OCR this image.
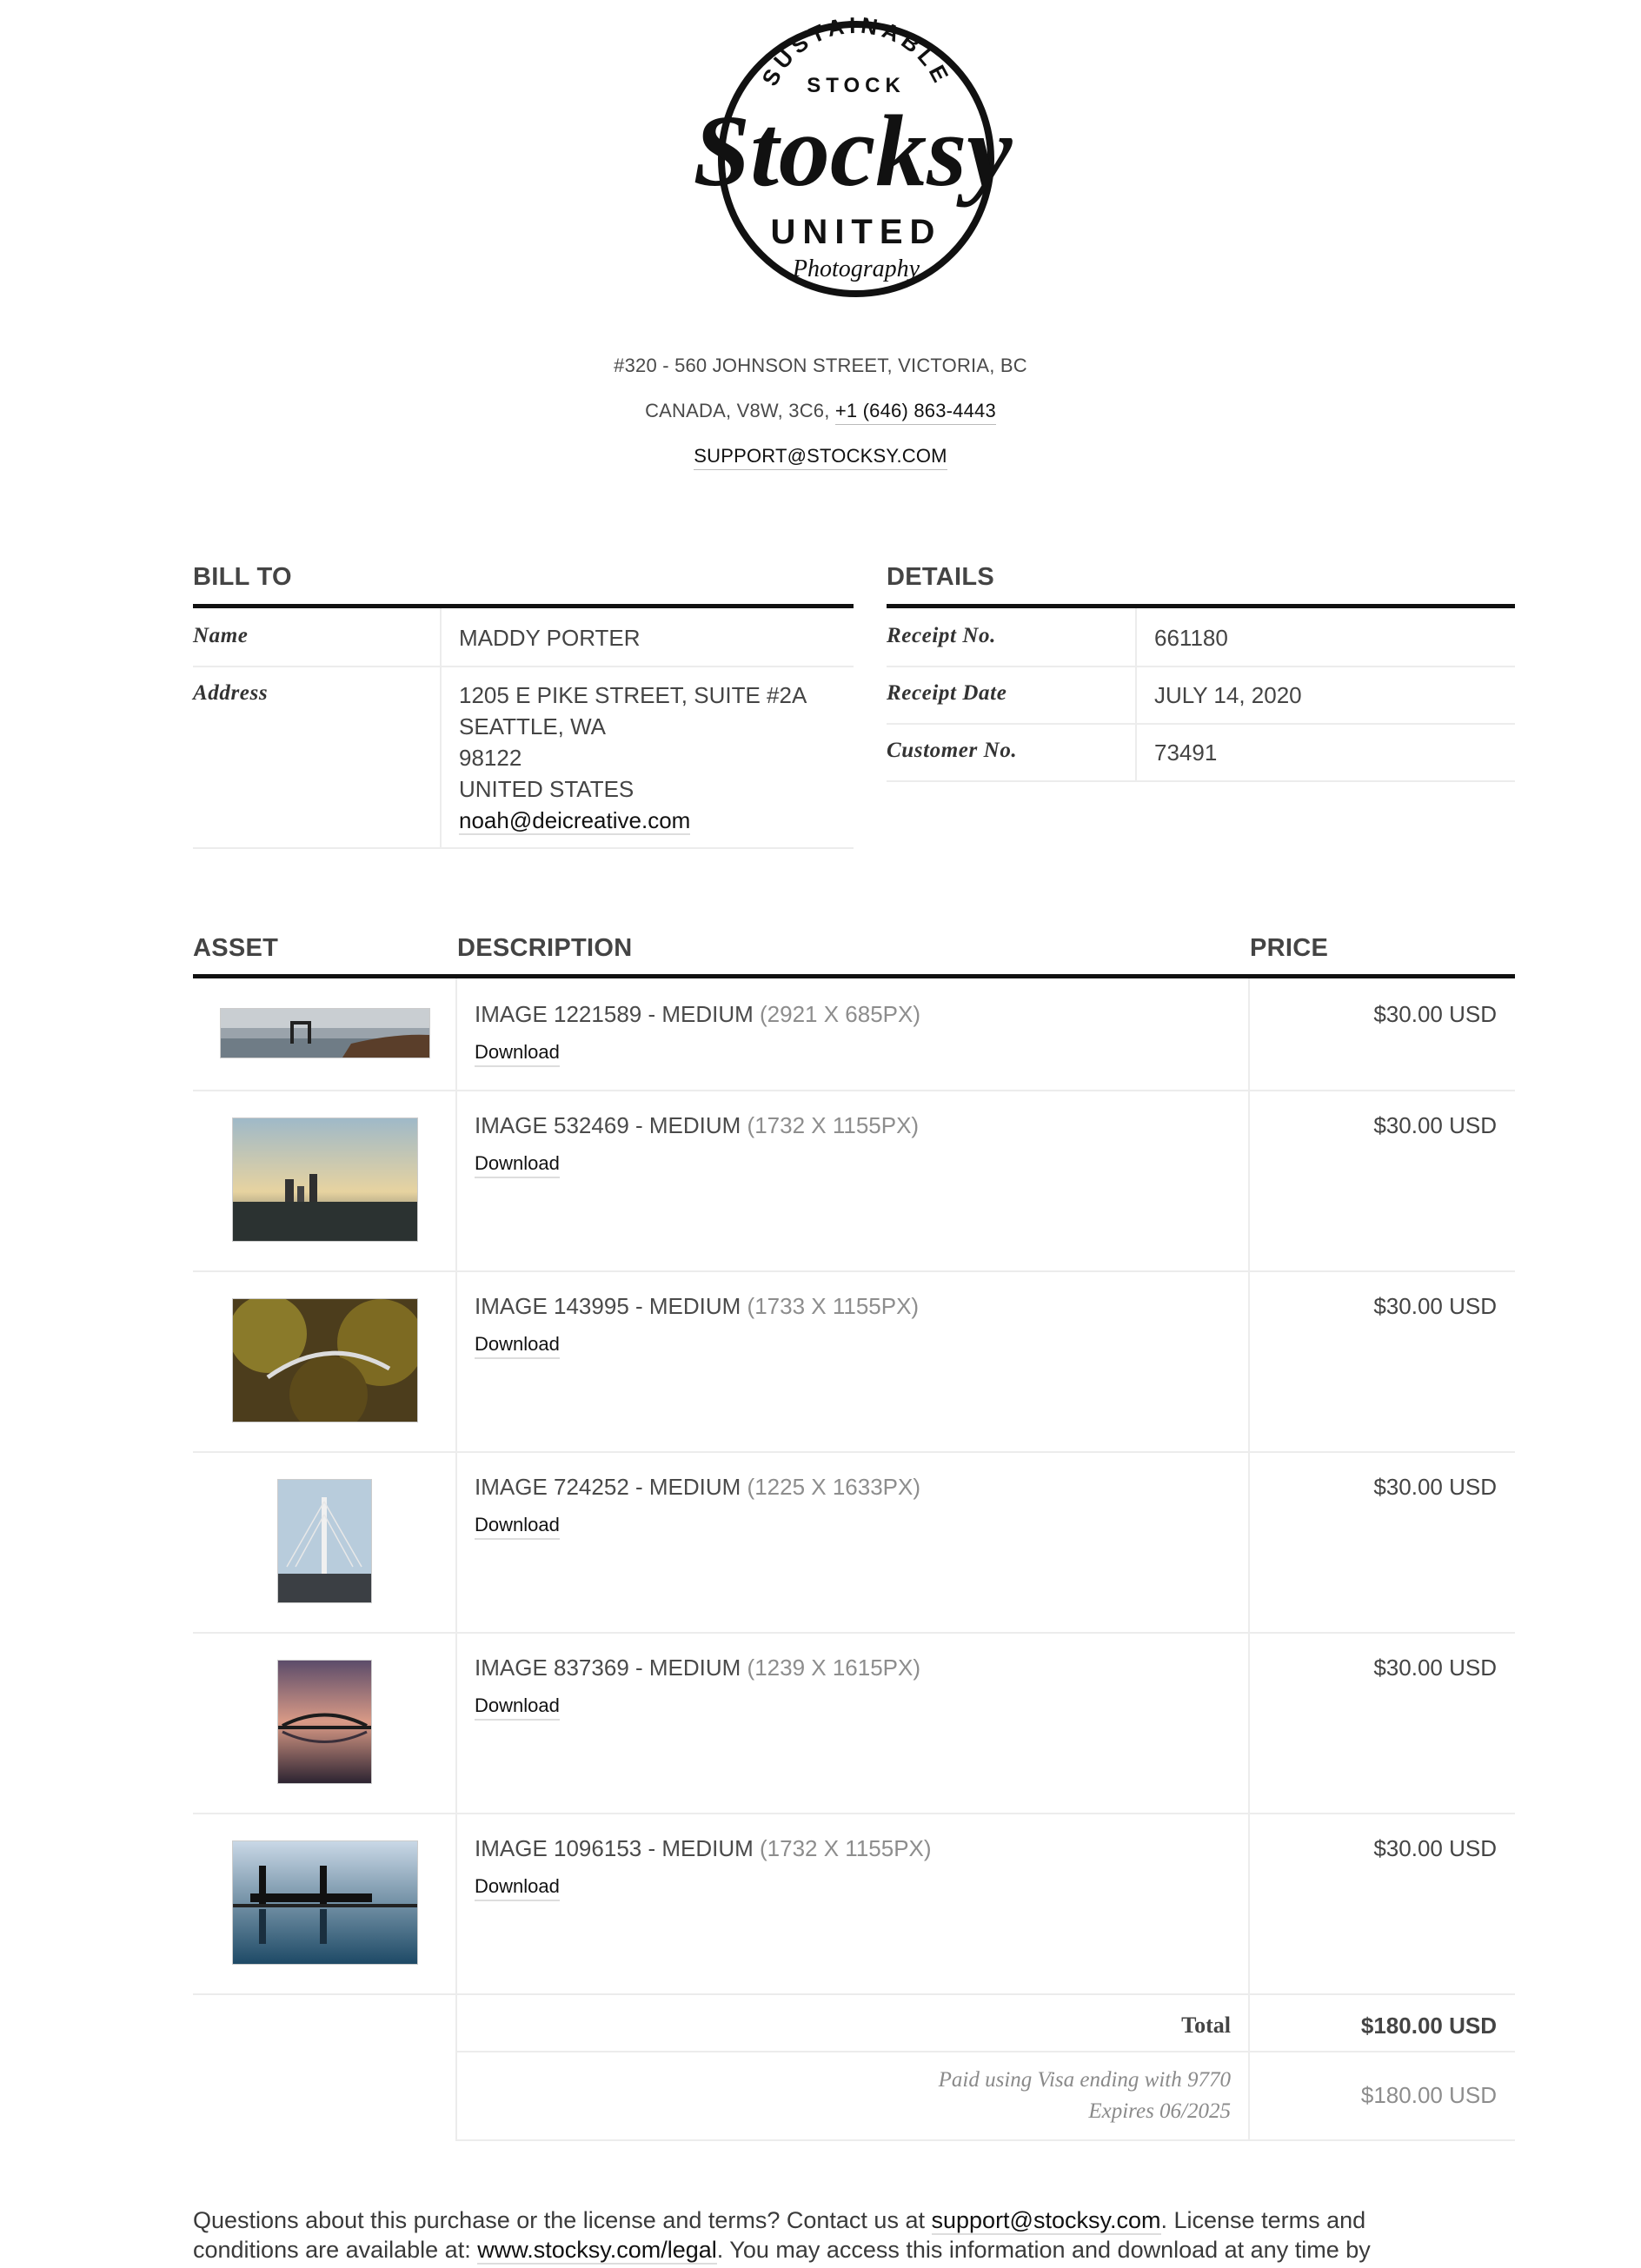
SUSTAINABLE
STOCK
Stocksy
UNITED
Photography
#320 - 560 JOHNSON STREET, VICTORIA, BC
CANADA, V8W, 3C6, +1 (646) 863-4443
SUPPORT@STOCKSY.COM
BILL TO
Name	MADDY PORTER
Address	1205 E PIKE STREET, SUITE #2A
SEATTLE, WA
98122
UNITED STATES
noah@deicreative.com
DETAILS
Receipt No.	661180
Receipt Date	JULY 14, 2020
Customer No.	73491
ASSET	DESCRIPTION	PRICE
IMAGE 1221589 - MEDIUM (2921 X 685PX)
Download
$30.00 USD
IMAGE 532469 - MEDIUM (1732 X 1155PX)
Download
$30.00 USD
IMAGE 143995 - MEDIUM (1733 X 1155PX)
Download
$30.00 USD
IMAGE 724252 - MEDIUM (1225 X 1633PX)
Download
$30.00 USD
IMAGE 837369 - MEDIUM (1239 X 1615PX)
Download
$30.00 USD
IMAGE 1096153 - MEDIUM (1732 X 1155PX)
Download
$30.00 USD
Total	$180.00 USD
Paid using Visa ending with 9770
Expires 06/2025
$180.00 USD
Questions about this purchase or the license and terms? Contact us at support@stocksy.com. License terms and conditions are available at: www.stocksy.com/legal. You may access this information and download at any time by
